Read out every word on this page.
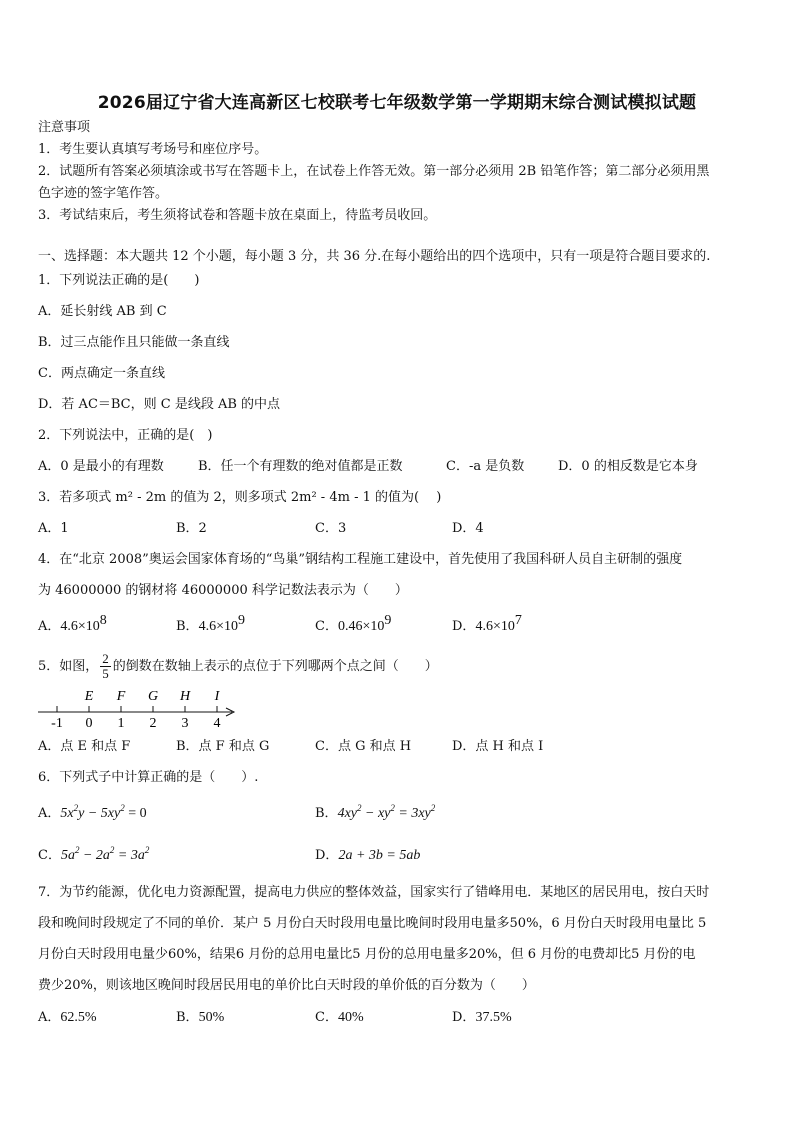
2026届辽宁省大连高新区七校联考七年级数学第一学期期末综合测试模拟试题
注意事项
1．考生要认真填写考场号和座位序号。
2．试题所有答案必须填涂或书写在答题卡上，在试卷上作答无效。第一部分必须用 2B 铅笔作答；第二部分必须用黑
色字迹的签字笔作答。
3．考试结束后，考生须将试卷和答题卡放在桌面上，待监考员收回。
一、选择题：本大题共 12 个小题，每小题 3 分，共 36 分.在每小题给出的四个选项中，只有一项是符合题目要求的.
1．下列说法正确的是(　　)
A．延长射线 AB 到 C
B．过三点能作且只能做一条直线
C．两点确定一条直线
D．若 AC＝BC，则 C 是线段 AB 的中点
2．下列说法中，正确的是(　)
A．0 是最小的有理数	B．任一个有理数的绝对值都是正数	C．-a 是负数	D．0 的相反数是它本身
3．若多项式 m² - 2m 的值为 2，则多项式 2m² - 4m - 1 的值为(　 )
A．1	B．2	C．3	D．4
4．在“北京 2008”奥运会国家体育场的“鸟巢”钢结构工程施工建设中，首先使用了我国科研人员自主研制的强度
为 46000000 的钢材将 46000000 科学记数法表示为（　　）
A．$4.6\times 10^8$	B．$4.6\times 10^9$	C．$0.46\times 10^9$	D．$4.6\times 10^7$
5．如图， $\frac{2}{5}$ 的倒数在数轴上表示的点位于下列哪两个点之间（　　）
E F G H I
-1 0 1 2 3 4
A．点 E 和点 F	B．点 F 和点 G	C．点 G 和点 H	D．点 H 和点 I
6．下列式子中计算正确的是（　　）.
A．$5x^2y - 5xy^2 = 0$	B．$4xy^2 - xy^2 = 3xy^2$
C．$5a^2 - 2a^2 = 3a^2$	D．2a + 3b = 5ab
7．为节约能源，优化电力资源配置，提高电力供应的整体效益，国家实行了错峰用电．某地区的居民用电，按白天时
段和晚间时段规定了不同的单价．某户 5 月份白天时段用电量比晚间时段用电量多50%，6 月份白天时段用电量比 5
月份白天时段用电量少60%，结果6 月份的总用电量比5 月份的总用电量多20%，但 6 月份的电费却比5 月份的电
费少20%，则该地区晚间时段居民用电的单价比白天时段的单价低的百分数为（　　）
A．62.5%	B．50%	C．40%	D．37.5%
